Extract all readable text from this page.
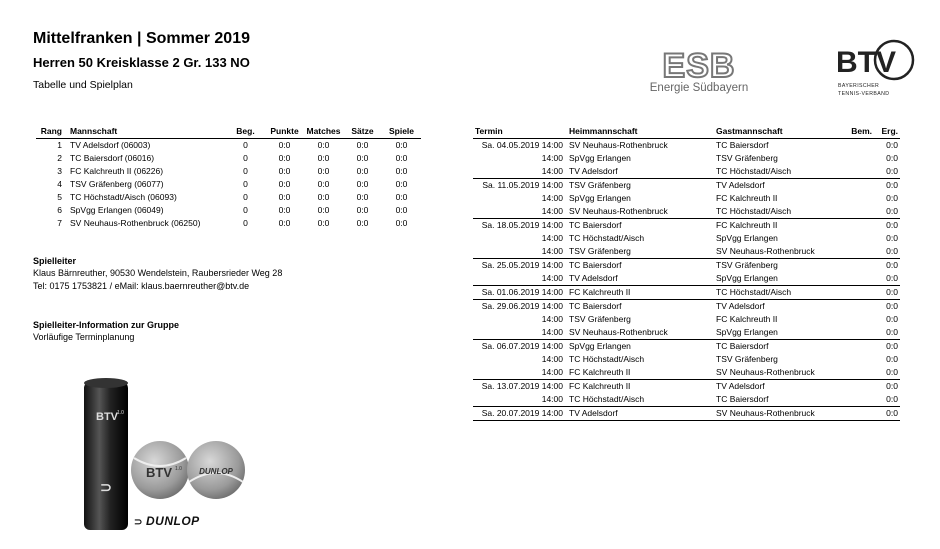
Mittelfranken | Sommer 2019
Herren 50 Kreisklasse 2 Gr. 133 NO
Tabelle und Spielplan	ESB
Energie Südbayern
BTV
BAYERISCHER
TENNIS-VERBAND
Rang	Mannschaft	Beg.	Punkte	Matches	Sätze	Spiele
1	TV Adelsdorf (06003)	0	0:0	0:0	0:0	0:0
2	TC Baiersdorf (06016)	0	0:0	0:0	0:0	0:0
3	FC Kalchreuth II (06226)	0	0:0	0:0	0:0	0:0
4	TSV Gräfenberg (06077)	0	0:0	0:0	0:0	0:0
5	TC Höchstadt/Aisch (06093)	0	0:0	0:0	0:0	0:0
6	SpVgg Erlangen (06049)	0	0:0	0:0	0:0	0:0
7	SV Neuhaus-Rothenbruck (06250)	0	0:0	0:0	0:0	0:0
Termin	Heimmannschaft	Gastmannschaft	Bem.	Erg.
Sa. 04.05.2019 14:00	SV Neuhaus-Rothenbruck	TC Baiersdorf		0:0
14:00	SpVgg Erlangen	TSV Gräfenberg		0:0
14:00	TV Adelsdorf	TC Höchstadt/Aisch		0:0
Sa. 11.05.2019 14:00	TSV Gräfenberg	TV Adelsdorf		0:0
14:00	SpVgg Erlangen	FC Kalchreuth II		0:0
14:00	SV Neuhaus-Rothenbruck	TC Höchstadt/Aisch		0:0
Sa. 18.05.2019 14:00	TC Baiersdorf	FC Kalchreuth II		0:0
14:00	TC Höchstadt/Aisch	SpVgg Erlangen		0:0
14:00	TSV Gräfenberg	SV Neuhaus-Rothenbruck		0:0
Sa. 25.05.2019 14:00	TC Baiersdorf	TSV Gräfenberg		0:0
14:00	TV Adelsdorf	SpVgg Erlangen		0:0
Sa. 01.06.2019 14:00	FC Kalchreuth II	TC Höchstadt/Aisch		0:0
Sa. 29.06.2019 14:00	TC Baiersdorf	TV Adelsdorf		0:0
14:00	TSV Gräfenberg	FC Kalchreuth II		0:0
14:00	SV Neuhaus-Rothenbruck	SpVgg Erlangen		0:0
Sa. 06.07.2019 14:00	SpVgg Erlangen	TC Baiersdorf		0:0
14:00	TC Höchstadt/Aisch	TSV Gräfenberg		0:0
14:00	FC Kalchreuth II	SV Neuhaus-Rothenbruck		0:0
Sa. 13.07.2019 14:00	FC Kalchreuth II	TV Adelsdorf		0:0
14:00	TC Höchstadt/Aisch	TC Baiersdorf		0:0
Sa. 20.07.2019 14:00	TV Adelsdorf	SV Neuhaus-Rothenbruck		0:0
Spielleiter
Klaus Bärnreuther, 90530 Wendelstein, Raubersrieder Weg 28
Tel: 0175 1753821 / eMail: klaus.baernreuther@btv.de
Spielleiter-Information zur Gruppe
Vorläufige Terminplanung
BTV 1.0
⊃
BTV 1.0 DUNLOP
⊃ DUNLOP
